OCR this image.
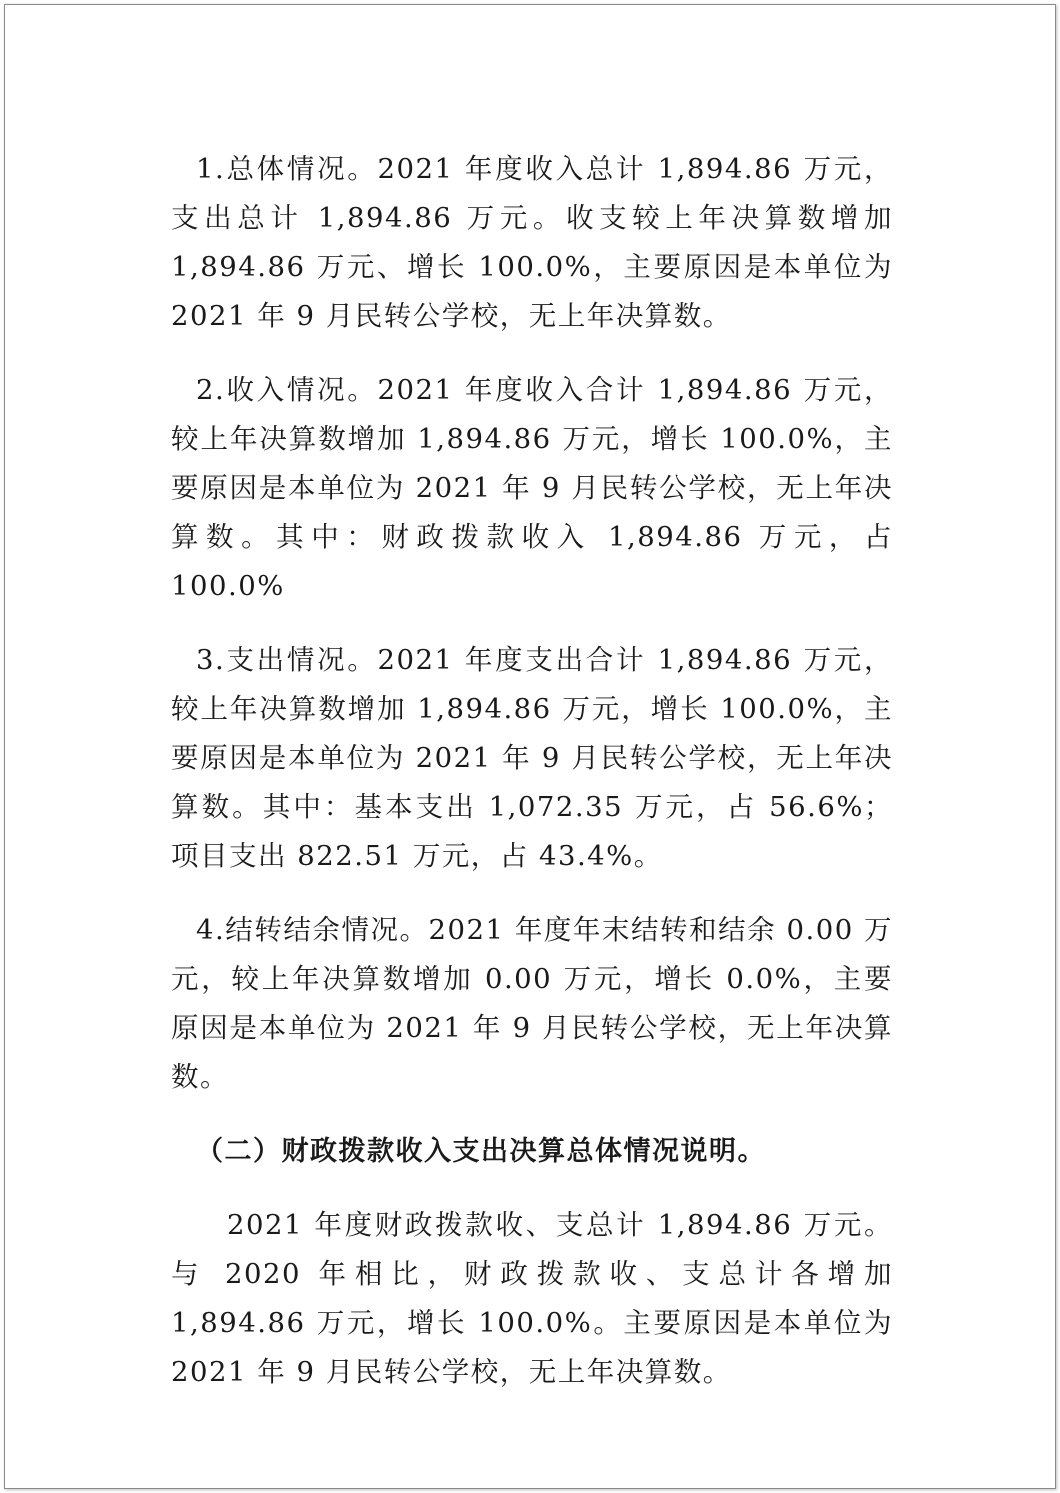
1.总体情况。2021 年度收入总计 1,894.86 万元，支出总计 1,894.86 万元。收支较上年决算数增加 1,894.86 万元、增长 100.0%，主要原因是本单位为 2021 年 9 月民转公学校，无上年决算数。

2.收入情况。2021 年度收入合计 1,894.86 万元，较上年决算数增加 1,894.86 万元，增长 100.0%，主要原因是本单位为 2021 年 9 月民转公学校，无上年决算数。其中：财政拨款收入 1,894.86 万元，占 100.0%

3.支出情况。2021 年度支出合计 1,894.86 万元，较上年决算数增加 1,894.86 万元，增长 100.0%，主要原因是本单位为 2021 年 9 月民转公学校，无上年决算数。其中：基本支出 1,072.35 万元，占 56.6%；项目支出 822.51 万元，占 43.4%。

4.结转结余情况。2021 年度年末结转和结余 0.00 万元，较上年决算数增加 0.00 万元，增长 0.0%，主要原因是本单位为 2021 年 9 月民转公学校，无上年决算数。

（二）财政拨款收入支出决算总体情况说明。

2021 年度财政拨款收、支总计 1,894.86 万元。与 2020 年相比，财政拨款收、支总计各增加 1,894.86 万元，增长 100.0%。主要原因是本单位为 2021 年 9 月民转公学校，无上年决算数。
